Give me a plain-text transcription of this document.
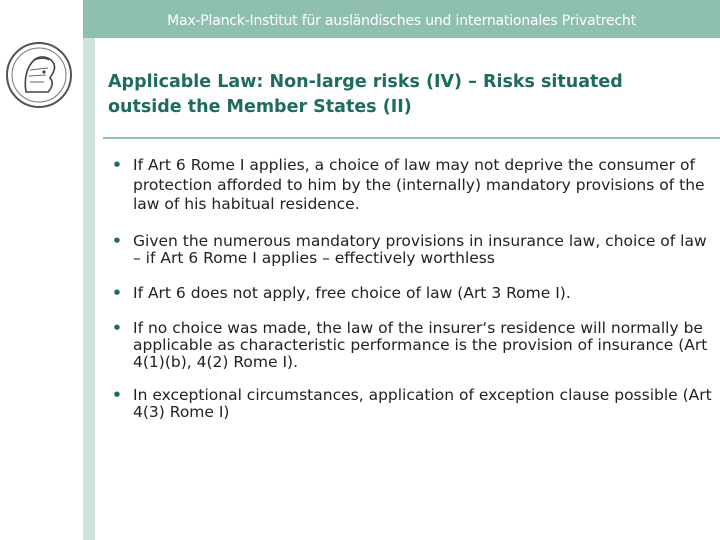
Max-Planck-Institut für ausländisches und internationales Privatrecht
Applicable Law: Non-large risks (IV) – Risks situated outside the Member States (II)
• If Art 6 Rome I applies, a choice of law may not deprive the consumer of protection afforded to him by the (internally) mandatory provisions of the law of his habitual residence.
• Given the numerous mandatory provisions in insurance law, choice of law – if Art 6 Rome I applies – effectively worthless
• If Art 6 does not apply, free choice of law (Art 3 Rome I).
• If no choice was made, the law of the insurer‘s residence will normally be applicable as characteristic performance is the provision of insurance (Art 4(1)(b), 4(2) Rome I).
• In exceptional circumstances, application of exception clause possible (Art 4(3) Rome I)
